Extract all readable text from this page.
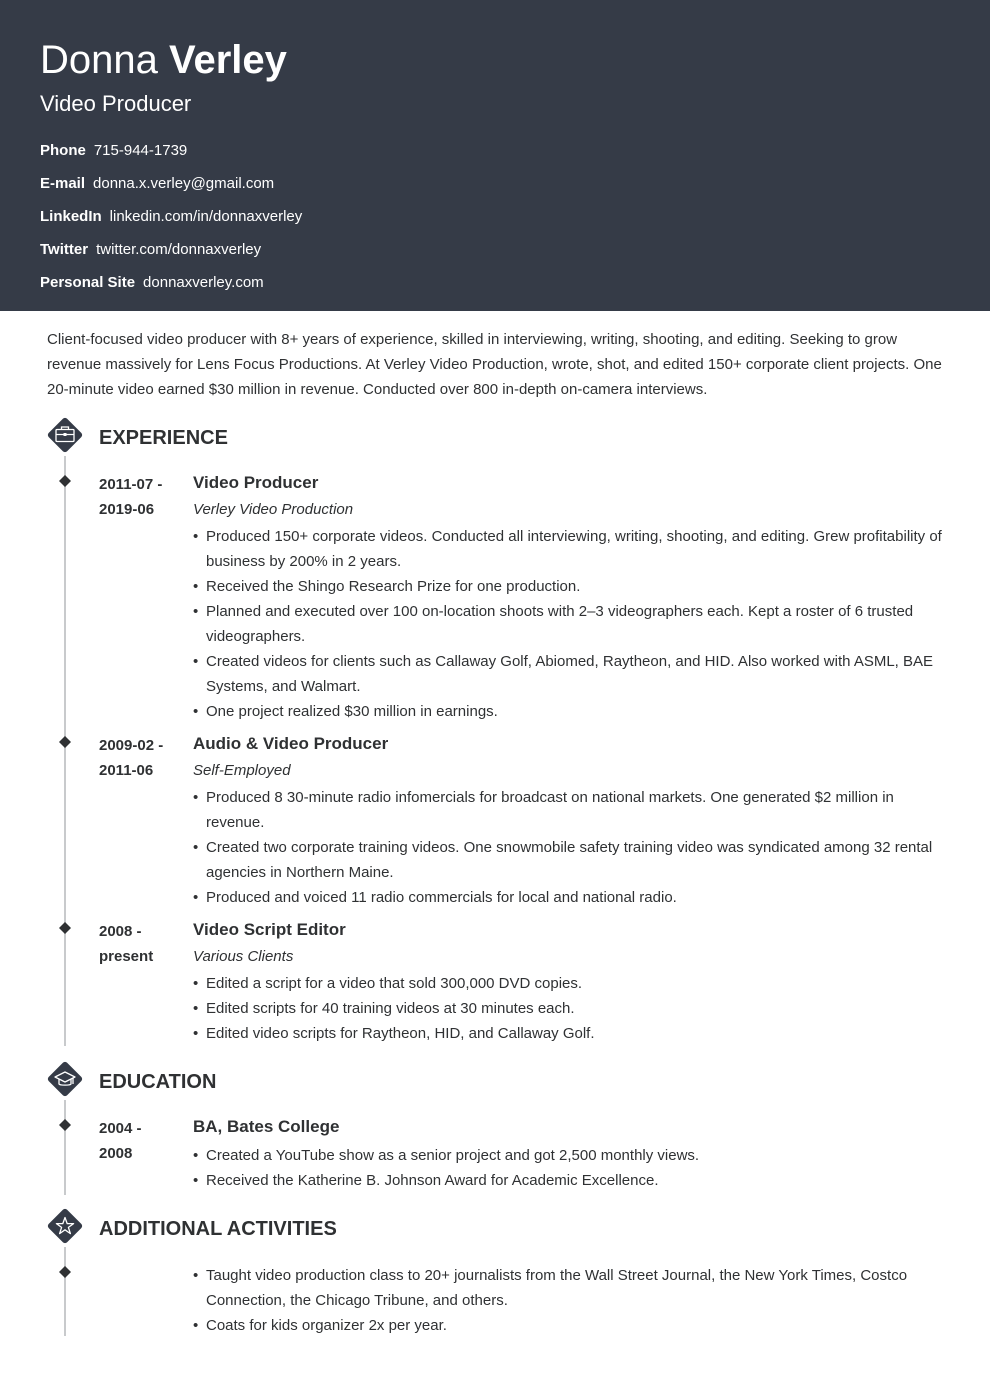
Donna Verley
Video Producer
Phone 715-944-1739
E-mail donna.x.verley@gmail.com
LinkedIn linkedin.com/in/donnaxverley
Twitter twitter.com/donnaxverley
Personal Site donnaxverley.com

Client-focused video producer with 8+ years of experience, skilled in interviewing, writing, shooting, and editing. Seeking to grow revenue massively for Lens Focus Productions. At Verley Video Production, wrote, shot, and edited 150+ corporate client projects. One 20-minute video earned $30 million in revenue. Conducted over 800 in-depth on-camera interviews.

EXPERIENCE
2011-07 -
2019-06
Video Producer
Verley Video Production
• Produced 150+ corporate videos. Conducted all interviewing, writing, shooting, and editing. Grew profitability of business by 200% in 2 years.
• Received the Shingo Research Prize for one production.
• Planned and executed over 100 on-location shoots with 2–3 videographers each. Kept a roster of 6 trusted videographers.
• Created videos for clients such as Callaway Golf, Abiomed, Raytheon, and HID. Also worked with ASML, BAE Systems, and Walmart.
• One project realized $30 million in earnings.
2009-02 -
2011-06
Audio & Video Producer
Self-Employed
• Produced 8 30-minute radio infomercials for broadcast on national markets. One generated $2 million in revenue.
• Created two corporate training videos. One snowmobile safety training video was syndicated among 32 rental agencies in Northern Maine.
• Produced and voiced 11 radio commercials for local and national radio.
2008 -
present
Video Script Editor
Various Clients
• Edited a script for a video that sold 300,000 DVD copies.
• Edited scripts for 40 training videos at 30 minutes each.
• Edited video scripts for Raytheon, HID, and Callaway Golf.
EDUCATION
2004 -
2008
BA, Bates College
• Created a YouTube show as a senior project and got 2,500 monthly views.
• Received the Katherine B. Johnson Award for Academic Excellence.
ADDITIONAL ACTIVITIES
• Taught video production class to 20+ journalists from the Wall Street Journal, the New York Times, Costco Connection, the Chicago Tribune, and others.
• Coats for kids organizer 2x per year.
